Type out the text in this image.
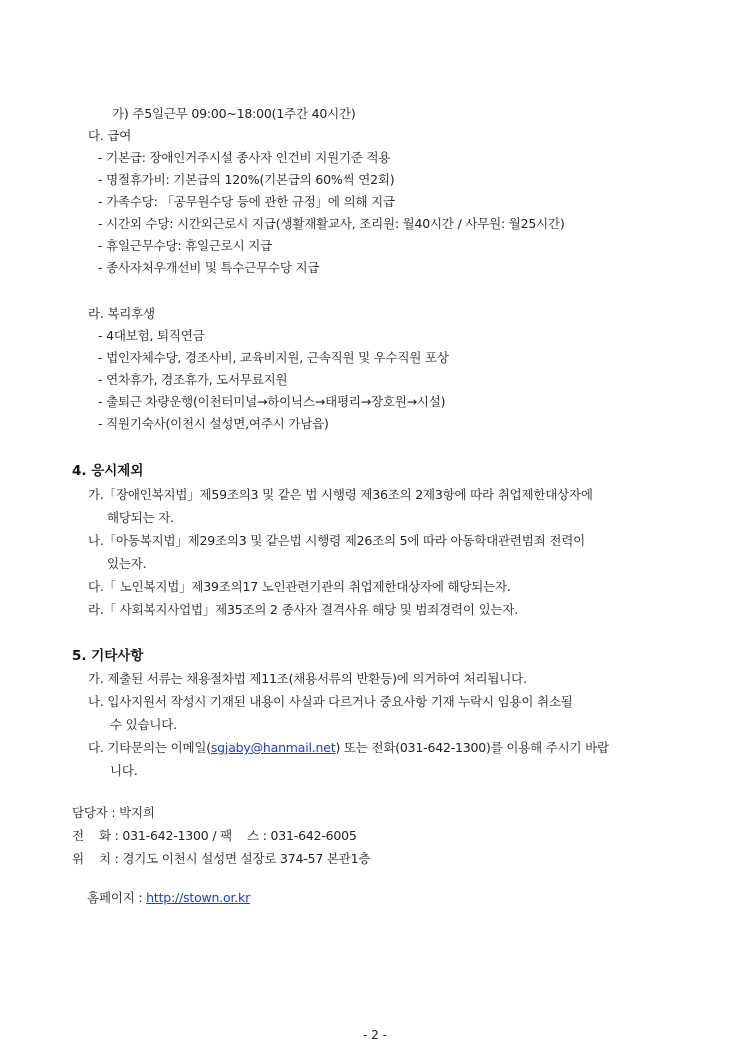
가) 주5일근무 09:00~18:00(1주간 40시간)
다. 급여
- 기본급: 장애인거주시설 종사자 인건비 지원기준 적용
- 명절휴가비: 기본급의 120%(기본급의 60%씩 연2회)
- 가족수당: 「공무원수당 등에 관한 규정」에 의해 지급
- 시간외 수당: 시간외근로시 지급(생활재활교사, 조리원: 월40시간 / 사무원: 월25시간)
- 휴일근무수당: 휴일근로시 지급
- 종사자처우개선비 및 특수근무수당 지급
라. 복리후생
- 4대보험, 퇴직연금
- 법인자체수당, 경조사비, 교육비지원, 근속직원 및 우수직원 포상
- 연차휴가, 경조휴가, 도서무료지원
- 출퇴근 차량운행(이천터미널→하이닉스→태평리→장호원→시설)
- 직원기숙사(이천시 설성면,여주시 가남읍)
4. 응시제외
가.「장애인복지법」제59조의3 및 같은 법 시행령 제36조의 2제3항에 따라 취업제한대상자에
해당되는 자.
나.「아동복지법」제29조의3 및 같은법 시행령 제26조의 5에 따라 아동학대관련범죄 전력이
있는자.
다.「 노인복지법」제39조의17 노인관련기관의 취업제한대상자에 해당되는자.
라.「 사회복지사업법」제35조의 2 종사자 결격사유 해당 및 범죄경력이 있는자.
5. 기타사항
가. 제출된 서류는 채용절차법 제11조(채용서류의 반환등)에 의거하여 처리됩니다.
나. 입사지원서 작성시 기재된 내용이 사실과 다르거나 중요사항 기재 누락시 임용이 취소될
수 있습니다.
다. 기타문의는 이메일(sgjaby@hanmail.net) 또는 전화(031-642-1300)를 이용해 주시기 바랍
니다.
담당자 : 박지희
전    화 : 031-642-1300 / 팩    스 : 031-642-6005
위    치 : 경기도 이천시 설성면 설장로 374-57 본관1층

홈페이지 : http://stown.or.kr

- 2 -
